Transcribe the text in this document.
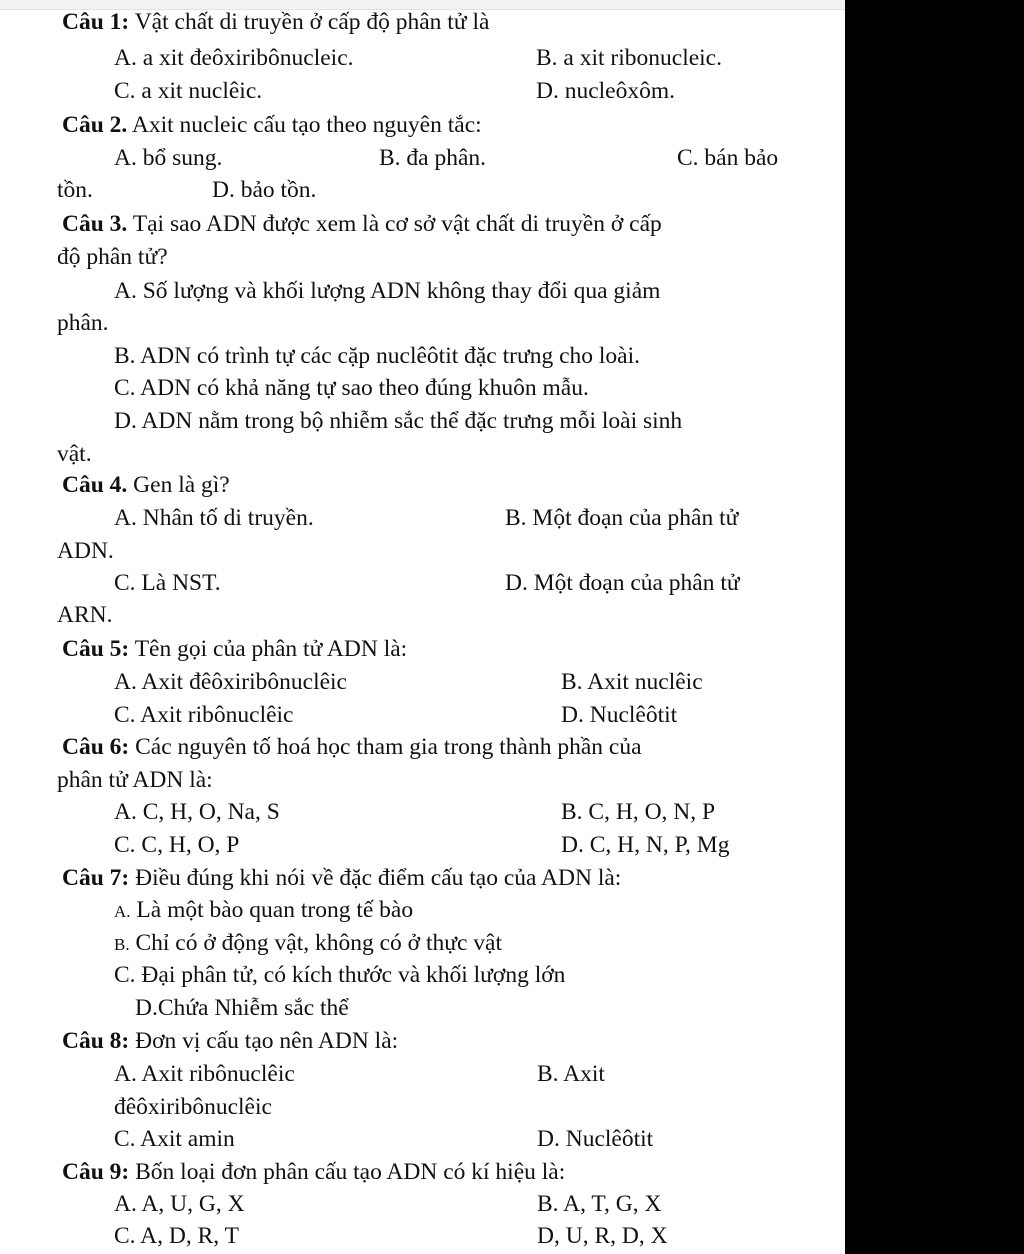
Câu 1: Vật chất di truyền ở cấp độ phân tử là
A. a xit đeôxiribônucleic.	B. a xit ribonucleic.
C. a xit nuclêic.	D. nucleôxôm.
Câu 2. Axit nucleic cấu tạo theo nguyên tắc:
A. bổ sung.	B. đa phân.	C. bán bảo
tồn.	D. bảo tồn.
Câu 3. Tại sao ADN được xem là cơ sở vật chất di truyền ở cấp
độ phân tử?
A. Số lượng và khối lượng ADN không thay đổi qua giảm
phân.
B. ADN có trình tự các cặp nuclêôtit đặc trưng cho loài.
C. ADN có khả năng tự sao theo đúng khuôn mẫu.
D. ADN nằm trong bộ nhiễm sắc thể đặc trưng mỗi loài sinh
vật.
Câu 4. Gen là gì?
A. Nhân tố di truyền.	B. Một đoạn của phân tử
ADN.
C. Là NST.	D. Một đoạn của phân tử
ARN.
Câu 5: Tên gọi của phân tử ADN là:
A. Axit đêôxiribônuclêic	B. Axit nuclêic
C. Axit ribônuclêic	D. Nuclêôtit
Câu 6: Các nguyên tố hoá học tham gia trong thành phần của
phân tử ADN là:
A. C, H, O, Na, S	B. C, H, O, N, P
C. C, H, O, P	D. C, H, N, P, Mg
Câu 7: Điều đúng khi nói về đặc điểm cấu tạo của ADN là:
A. Là một bào quan trong tế bào
B. Chỉ có ở động vật, không có ở thực vật
C. Đại phân tử, có kích thước và khối lượng lớn
D.Chứa Nhiễm sắc thể
Câu 8: Đơn vị cấu tạo nên ADN là:
A. Axit ribônuclêic	B. Axit
đêôxiribônuclêic
C. Axit amin	D. Nuclêôtit
Câu 9: Bốn loại đơn phân cấu tạo ADN có kí hiệu là:
A. A, U, G, X	B. A, T, G, X
C. A, D, R, T	D, U, R, D, X
